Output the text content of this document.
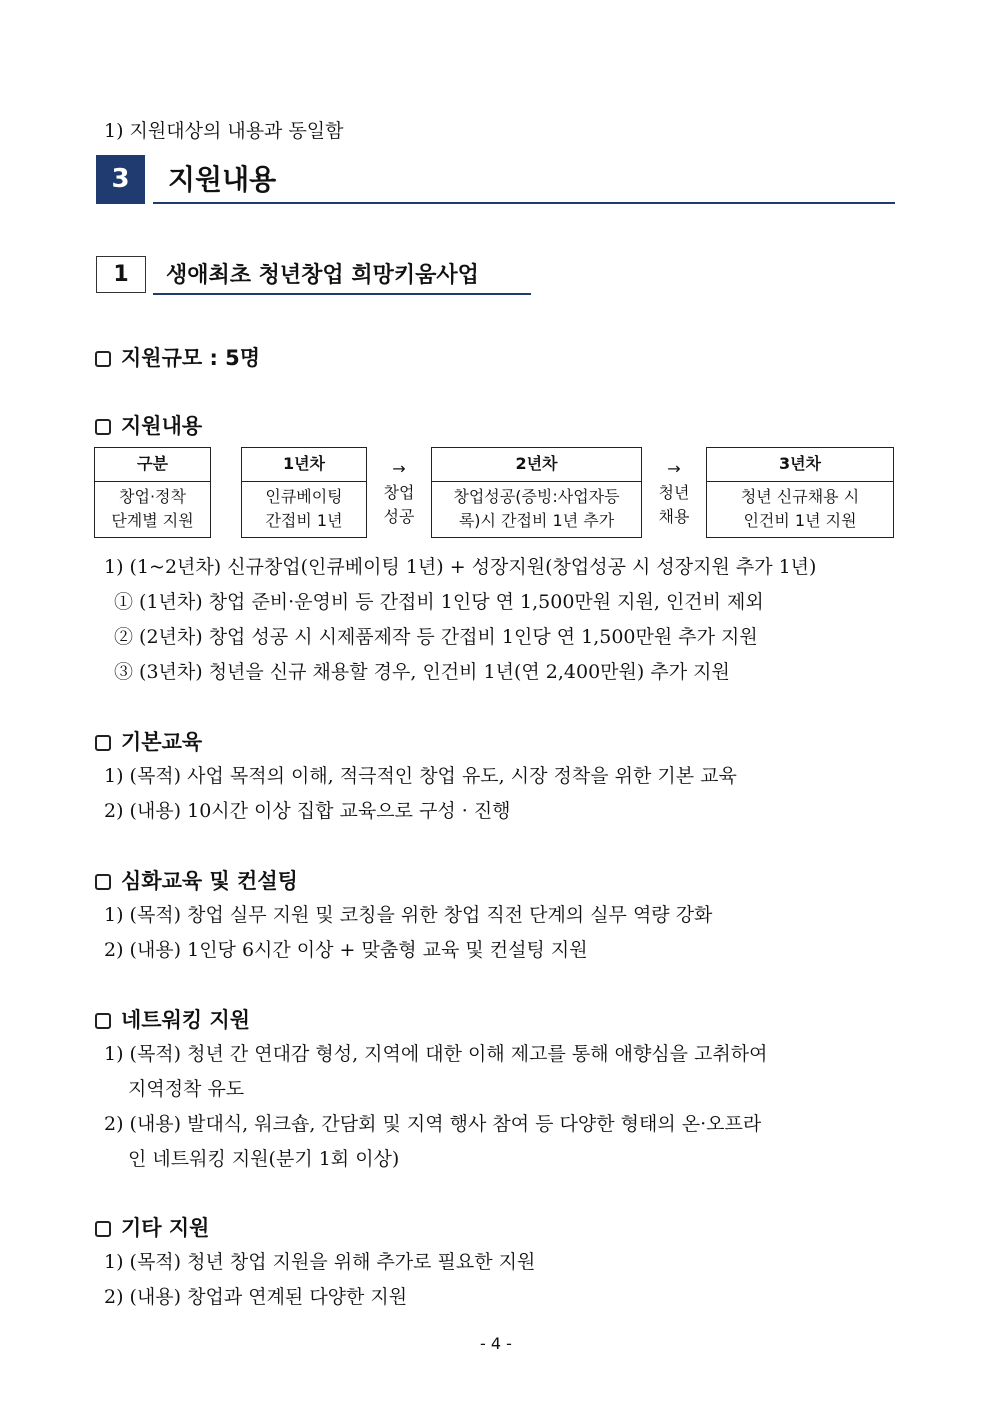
1) 지원대상의 내용과 동일함
3	지원내용
1	생애최초 청년창업 희망키움사업
지원규모 : 5명
지원내용
구분
창업·정착
단계별 지원
1년차
인큐베이팅
간접비 1년
→
창업
성공
2년차
창업성공(증빙:사업자등
록)시 간접비 1년 추가
→
청년
채용
3년차
청년 신규채용 시
인건비 1년 지원
1) (1~2년차) 신규창업(인큐베이팅 1년) + 성장지원(창업성공 시 성장지원 추가 1년)
① (1년차) 창업 준비·운영비 등 간접비 1인당 연 1,500만원 지원, 인건비 제외
② (2년차) 창업 성공 시 시제품제작 등 간접비 1인당 연 1,500만원 추가 지원
③ (3년차) 청년을 신규 채용할 경우, 인건비 1년(연 2,400만원) 추가 지원
기본교육
1) (목적) 사업 목적의 이해, 적극적인 창업 유도, 시장 정착을 위한 기본 교육
2) (내용) 10시간 이상 집합 교육으로 구성 · 진행
심화교육 및 컨설팅
1) (목적) 창업 실무 지원 및 코칭을 위한 창업 직전 단계의 실무 역량 강화
2) (내용) 1인당 6시간 이상 + 맞춤형 교육 및 컨설팅 지원
네트워킹 지원
1) (목적) 청년 간 연대감 형성, 지역에 대한 이해 제고를 통해 애향심을 고취하여
지역정착 유도
2) (내용) 발대식, 워크숍, 간담회 및 지역 행사 참여 등 다양한 형태의 온·오프라
인 네트워킹 지원(분기 1회 이상)
기타 지원
1) (목적) 청년 창업 지원을 위해 추가로 필요한 지원
2) (내용) 창업과 연계된 다양한 지원
- 4 -
